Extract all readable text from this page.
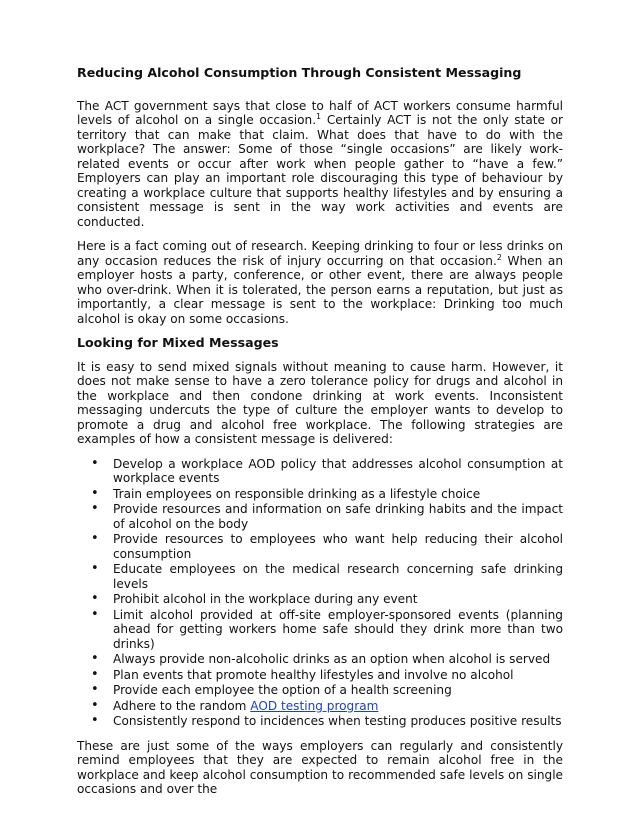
Reducing Alcohol Consumption Through Consistent Messaging

The ACT government says that close to half of ACT workers consume harmful levels of alcohol on a single occasion.$^1$ Certainly ACT is not the only state or territory that can make that claim. What does that have to do with the workplace? The answer: Some of those “single occasions” are likely work-related events or occur after work when people gather to “have a few.” Employers can play an important role discouraging this type of behaviour by creating a workplace culture that supports healthy lifestyles and by ensuring a consistent message is sent in the way work activities and events are conducted.

Here is a fact coming out of research. Keeping drinking to four or less drinks on any occasion reduces the risk of injury occurring on that occasion.$^2$ When an employer hosts a party, conference, or other event, there are always people who over-drink. When it is tolerated, the person earns a reputation, but just as importantly, a clear message is sent to the workplace: Drinking too much alcohol is okay on some occasions.

Looking for Mixed Messages

It is easy to send mixed signals without meaning to cause harm. However, it does not make sense to have a zero tolerance policy for drugs and alcohol in the workplace and then condone drinking at work events. Inconsistent messaging undercuts the type of culture the employer wants to develop to promote a drug and alcohol free workplace. The following strategies are examples of how a consistent message is delivered:

• Develop a workplace AOD policy that addresses alcohol consumption at workplace events
• Train employees on responsible drinking as a lifestyle choice
• Provide resources and information on safe drinking habits and the impact of alcohol on the body
• Provide resources to employees who want help reducing their alcohol consumption
• Educate employees on the medical research concerning safe drinking levels
• Prohibit alcohol in the workplace during any event
• Limit alcohol provided at off-site employer-sponsored events (planning ahead for getting workers home safe should they drink more than two drinks)
• Always provide non-alcoholic drinks as an option when alcohol is served
• Plan events that promote healthy lifestyles and involve no alcohol
• Provide each employee the option of a health screening
• Adhere to the random AOD testing program
• Consistently respond to incidences when testing produces positive results

These are just some of the ways employers can regularly and consistently remind employees that they are expected to remain alcohol free in the workplace and keep alcohol consumption to recommended safe levels on single occasions and over the
